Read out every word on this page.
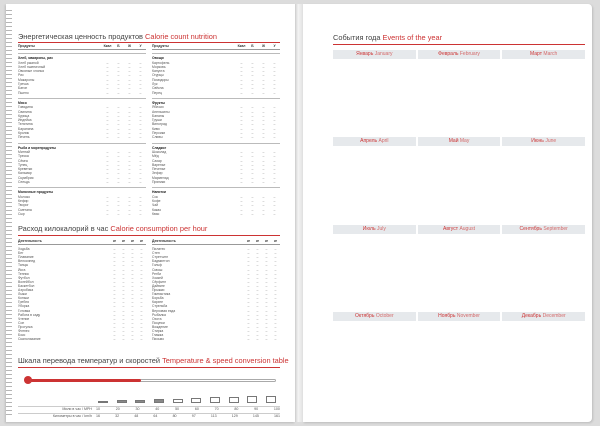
Энергетическая ценность продуктов Calorie count nutrition
Продукты	Ккал	Б	Ж	У
Хлеб, макароны, рис
Хлеб ржаной	–	–	–	–
Хлеб пшеничный	–	–	–	–
Овсяные хлопья	–	–	–	–
Рис	–	–	–	–
Макароны	–	–	–	–
Гречка	–	–	–	–
Батон	–	–	–	–
Пшено	–	–	–	–
Мясо
Говядина	–	–	–	–
Свинина	–	–	–	–
Курица	–	–	–	–
Индейка	–	–	–	–
Телятина	–	–	–	–
Баранина	–	–	–	–
Кролик	–	–	–	–
Печень	–	–	–	–
Рыба и морепродукты
Минтай	–	–	–	–
Треска	–	–	–	–
Сёмга	–	–	–	–
Тунец	–	–	–	–
Креветки	–	–	–	–
Кальмар	–	–	–	–
Скумбрия	–	–	–	–
Сельдь	–	–	–	–
Молочные продукты
Молоко	–	–	–	–
Кефир	–	–	–	–
Творог	–	–	–	–
Сметана	–	–	–	–
Сыр	–	–	–	–
Продукты	Ккал	Б	Ж	У
Овощи
Картофель	–	–	–	–
Морковь	–	–	–	–
Капуста	–	–	–	–
Огурцы	–	–	–	–
Помидоры	–	–	–	–
Лук	–	–	–	–
Свёкла	–	–	–	–
Перец	–	–	–	–
Фрукты
Яблоки	–	–	–	–
Апельсины	–	–	–	–
Бананы	–	–	–	–
Груши	–	–	–	–
Виноград	–	–	–	–
Киви	–	–	–	–
Персики	–	–	–	–
Сливы	–	–	–	–
Сладкое
Шоколад	–	–	–	–
Мёд	–	–	–	–
Сахар	–	–	–	–
Варенье	–	–	–	–
Печенье	–	–	–	–
Зефир	–	–	–	–
Мармелад	–	–	–	–
Пряники	–	–	–	–
Напитки
Сок	–	–	–	–
Кофе	–	–	–	–
Чай	–	–	–	–
Какао	–	–	–	–
Квас	–	–	–	–
Расход килокалорий в час Calorie consumption per hour
Деятельность	кг	кг	кг	кг
Ходьба	–	–	–	–
Бег	–	–	–	–
Плавание	–	–	–	–
Велосипед	–	–	–	–
Танцы	–	–	–	–
Йога	–	–	–	–
Теннис	–	–	–	–
Футбол	–	–	–	–
Волейбол	–	–	–	–
Баскетбол	–	–	–	–
Аэробика	–	–	–	–
Лыжи	–	–	–	–
Коньки	–	–	–	–
Гребля	–	–	–	–
Уборка	–	–	–	–
Готовка	–	–	–	–
Работа в саду	–	–	–	–
Чтение	–	–	–	–
Сон	–	–	–	–
Прогулка	–	–	–	–
Фитнес	–	–	–	–
Бокс	–	–	–	–
Скалолазание	–	–	–	–
Деятельность	кг	кг	кг	кг
Пилатес	–	–	–	–
Степ	–	–	–	–
Стретчинг	–	–	–	–
Бадминтон	–	–	–	–
Гольф	–	–	–	–
Сквош	–	–	–	–
Регби	–	–	–	–
Хоккей	–	–	–	–
Сёрфинг	–	–	–	–
Дайвинг	–	–	–	–
Прыжки	–	–	–	–
Гимнастика	–	–	–	–
Борьба	–	–	–	–
Карате	–	–	–	–
Стрельба	–	–	–	–
Верховая езда	–	–	–	–
Рыбалка	–	–	–	–
Охота	–	–	–	–
Покупки	–	–	–	–
Вождение	–	–	–	–
Стирка	–	–	–	–
Глажка	–	–	–	–
Письмо	–	–	–	–
Шкала перевода температур и скоростей Temperature & speed conversion table
Мили в час / МРН	10	20	30	40	50	60	70	80	90	100
Километры в час / km/h	16	32	48	64	80	97	113	129	145	161
События года Events of the year
Январь January	Февраль February	Март March
Апрель April	Май May	Июнь June
Июль July	Август August	Сентябрь September
Октябрь October	Ноябрь November	Декабрь December
